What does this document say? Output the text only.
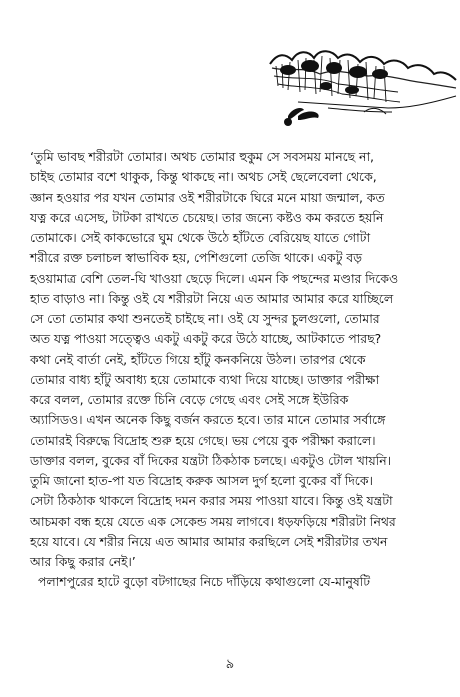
‘তুমি ভাবছ শরীরটা তোমার। অথচ তোমার হুকুম সে সবসময় মানছে না,
চাইছ তোমার বশে থাকুক, কিন্তু থাকছে না। অথচ সেই ছেলেবেলা থেকে,
জ্ঞান হওয়ার পর যখন তোমার ওই শরীরটাকে ঘিরে মনে মায়া জন্মাল, কত
যত্ন করে এসেছ, টাটকা রাখতে চেয়েছ। তার জন্যে কষ্টও কম করতে হয়নি
তোমাকে। সেই কাকভোরে ঘুম থেকে উঠে হাঁটতে বেরিয়েছ যাতে গোটা
শরীরে রক্ত চলাচল স্বাভাবিক হয়, পেশিগুলো তেজি থাকে। একটু বড়
হওয়ামাত্র বেশি তেল-ঘি খাওয়া ছেড়ে দিলে। এমন কি পছন্দের মণ্ডার দিকেও
হাত বাড়াও না। কিন্তু ওই যে শরীরটা নিয়ে এত আমার আমার করে যাচ্ছিলে
সে তো তোমার কথা শুনতেই চাইছে না। ওই যে সুন্দর চুলগুলো, তোমার
অত যত্ন পাওয়া সত্ত্বেও একটু একটু করে উঠে যাচ্ছে, আটকাতে পারছ?
কথা নেই বার্তা নেই, হাঁটতে গিয়ে হাঁটু কনকনিয়ে উঠল। তারপর থেকে
তোমার বাধ্য হাঁটু অবাধ্য হয়ে তোমাকে ব্যথা দিয়ে যাচ্ছে। ডাক্তার পরীক্ষা
করে বলল, তোমার রক্তে চিনি বেড়ে গেছে এবং সেই সঙ্গে ইউরিক
অ্যাসিডও। এখন অনেক কিছু বর্জন করতে হবে। তার মানে তোমার সর্বাঙ্গে
তোমারই বিরুদ্ধে বিদ্রোহ শুরু হয়ে গেছে। ভয় পেয়ে বুক পরীক্ষা করালে।
ডাক্তার বলল, বুকের বাঁ দিকের যন্ত্রটা ঠিকঠাক চলছে। একটুও টোল খায়নি।
তুমি জানো হাত-পা যত বিদ্রোহ করুক আসল দুর্গ হলো বুকের বাঁ দিকে।
সেটা ঠিকঠাক থাকলে বিদ্রোহ দমন করার সময় পাওয়া যাবে। কিন্তু ওই যন্ত্রটা
আচমকা বন্ধ হয়ে যেতে এক সেকেন্ড সময় লাগবে। ধড়ফড়িয়ে শরীরটা নিথর
হয়ে যাবে। যে শরীর নিয়ে এত আমার আমার করছিলে সেই শরীরটার তখন
আর কিছু করার নেই।’
পলাশপুরের হাটে বুড়ো বটগাছের নিচে দাঁড়িয়ে কথাগুলো যে-মানুষটি
৯
